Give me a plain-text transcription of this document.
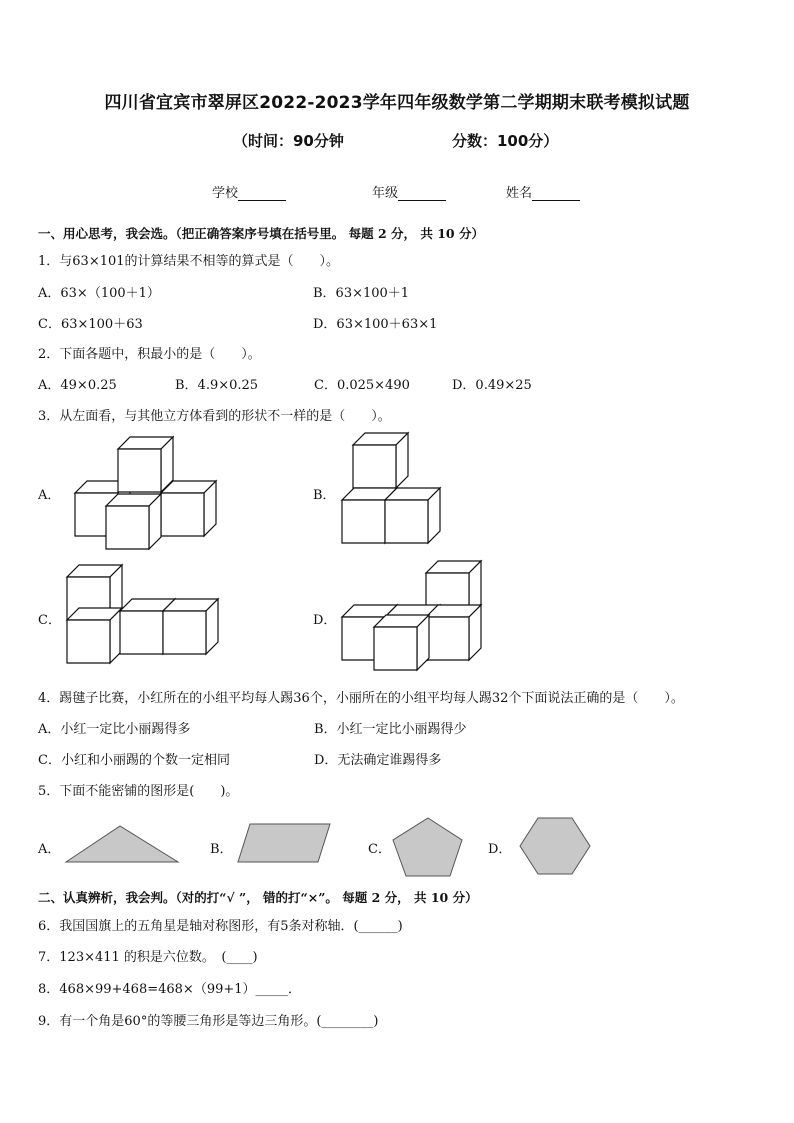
四川省宜宾市翠屏区2022-2023学年四年级数学第二学期期末联考模拟试题
（时间：90分钟	分数：100分）
学校	年级	姓名
一、用心思考，我会选。（把正确答案序号填在括号里。 每题 2 分， 共 10 分）
1．与63×101的计算结果不相等的算式是（　　）。
A．63×（100＋1）	B．63×100＋1
C．63×100＋63	D．63×100＋63×1
2．下面各题中，积最小的是（　　）。
A．49×0.25	B．4.9×0.25	C．0.025×490	D．0.49×25
3．从左面看，与其他立方体看到的形状不一样的是（　　）。
A．	B．
C．	D．
4．踢毽子比赛，小红所在的小组平均每人踢36个，小丽所在的小组平均每人踢32个下面说法正确的是（　　）。
A．小红一定比小丽踢得多	B．小红一定比小丽踢得少
C．小红和小丽踢的个数一定相同	D．无法确定谁踢得多
5．下面不能密铺的图形是(　　)。
A．	B．	C．	D．
二、认真辨析，我会判。（对的打“√ ”， 错的打“×”。 每题 2 分， 共 10 分）
6．我国国旗上的五角星是轴对称图形，有5条对称轴．(______)
7．123×411 的积是六位数。　(____)
8．468×99+468=468×（99+1）_____．
9．有一个角是60°的等腰三角形是等边三角形。(________)
